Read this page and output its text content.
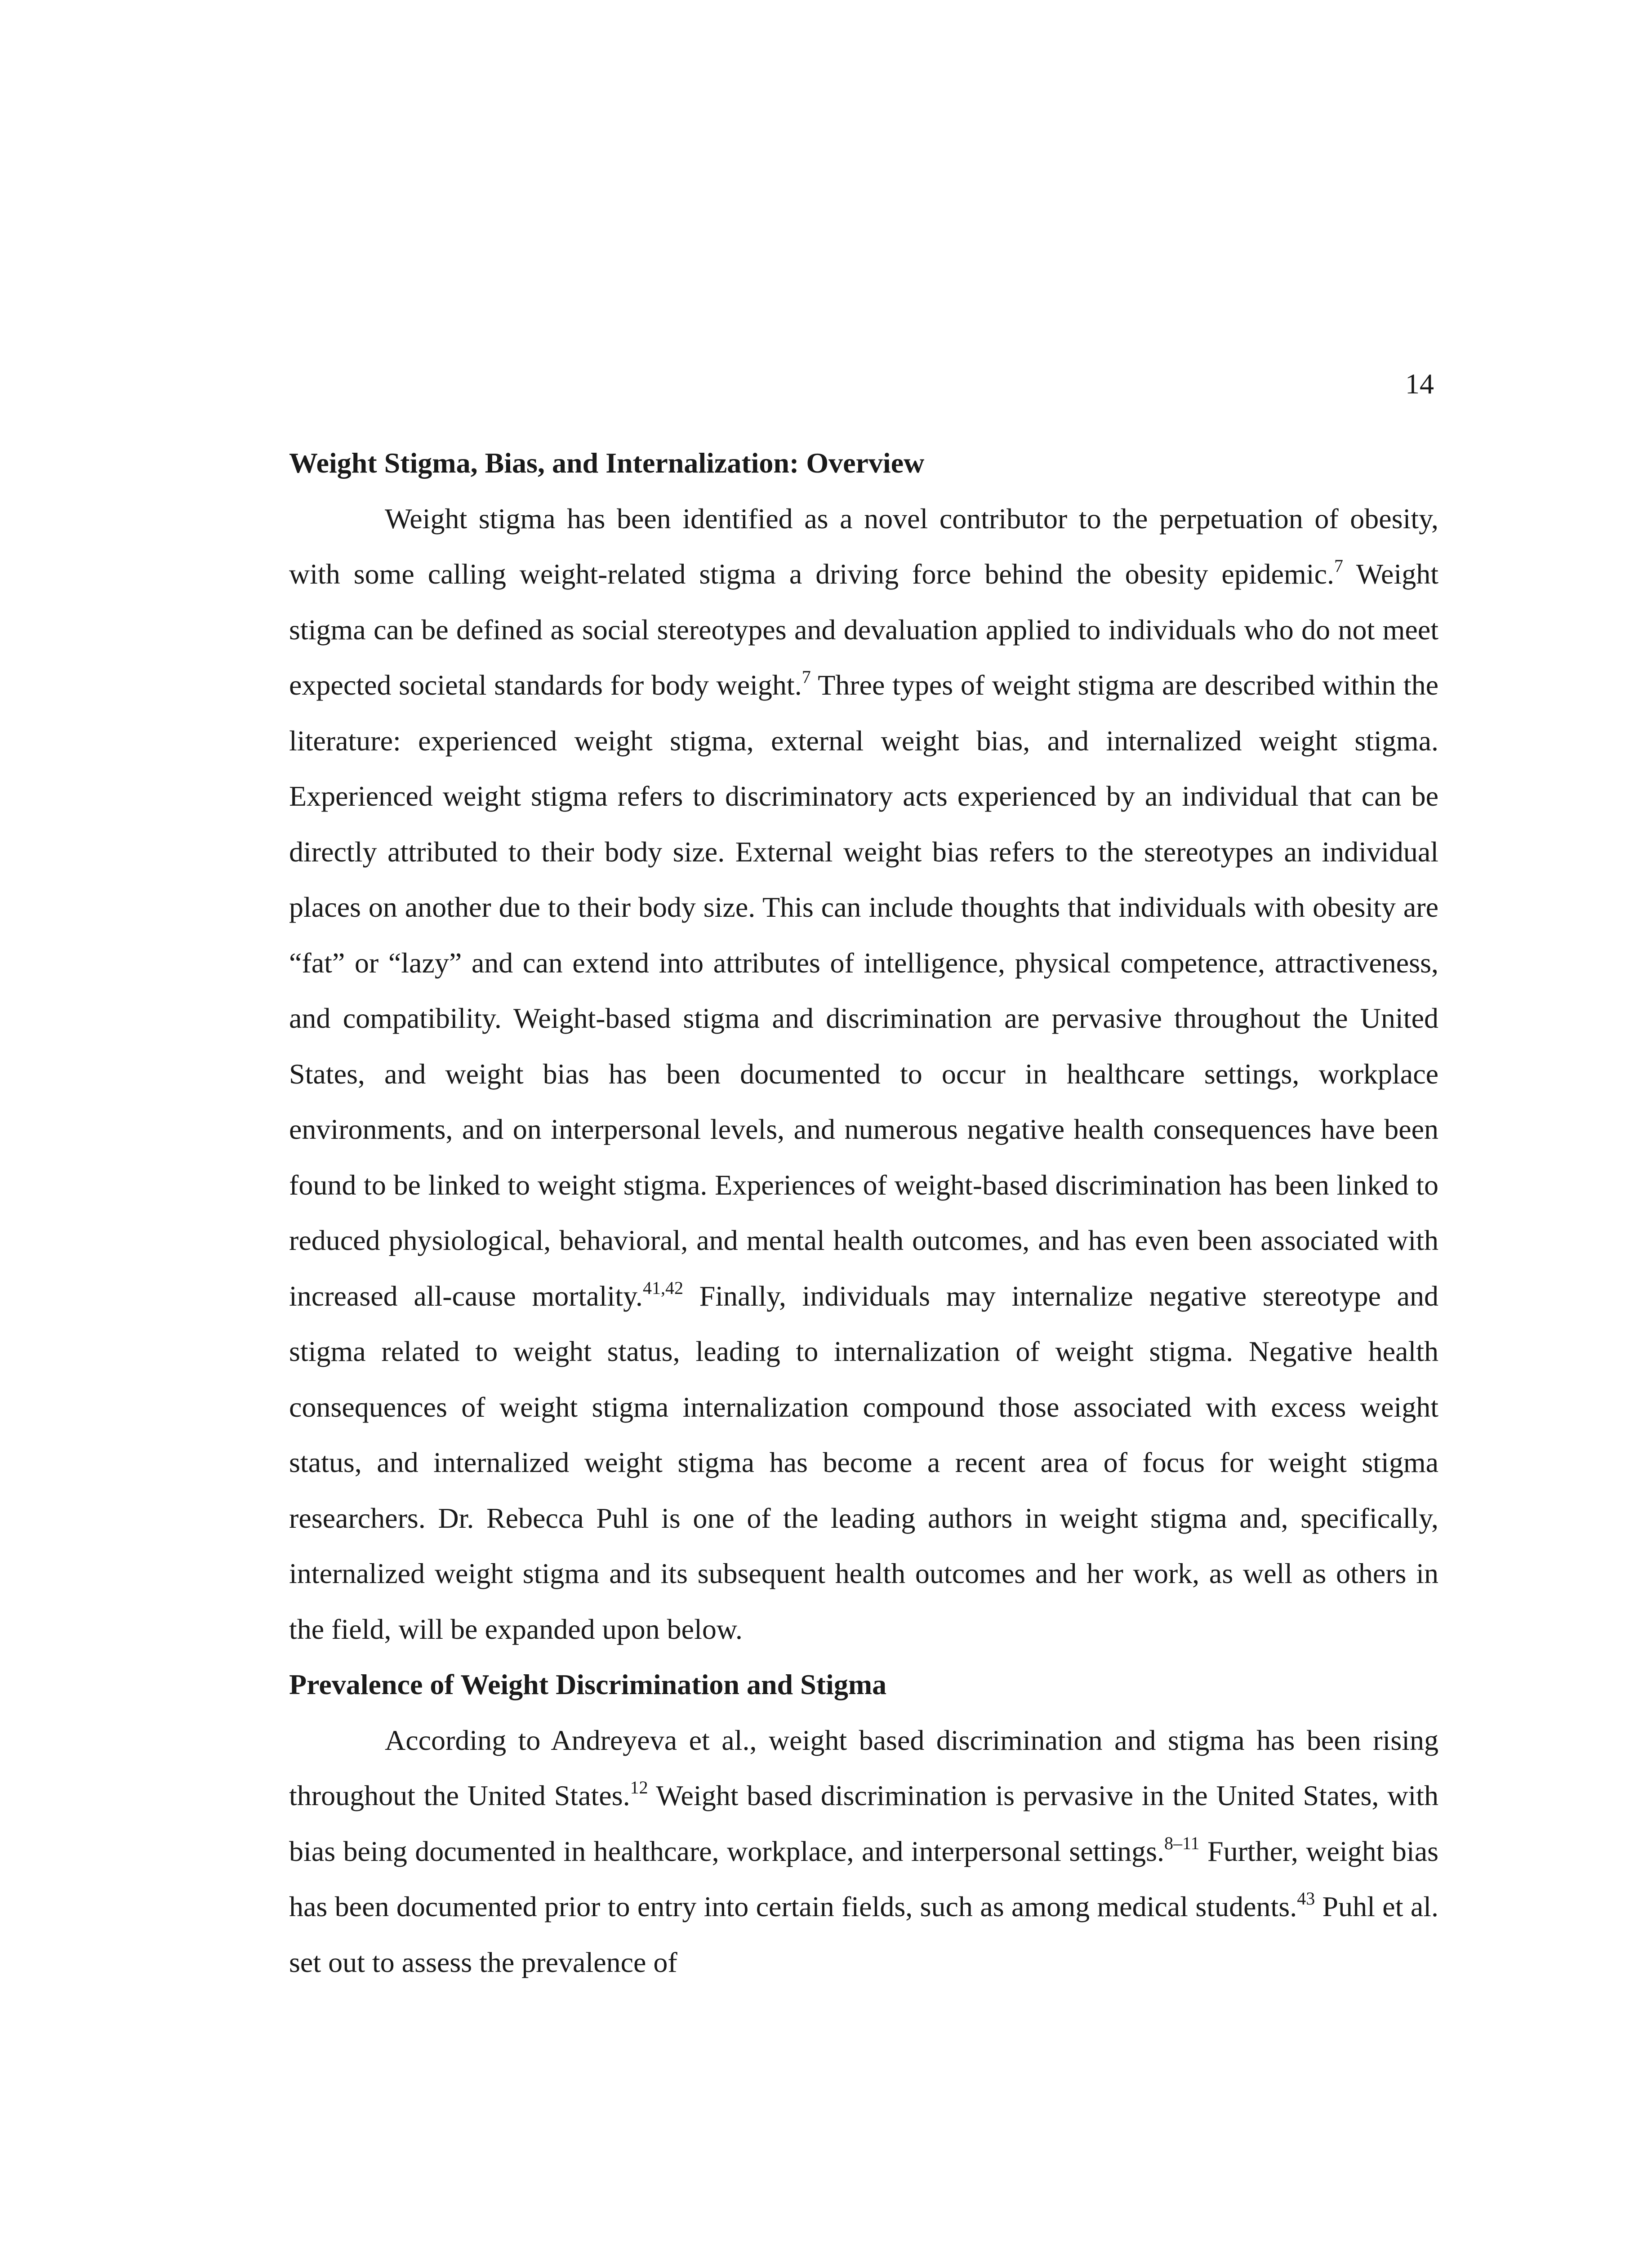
14
Weight Stigma, Bias, and Internalization: Overview

Weight stigma has been identified as a novel contributor to the perpetuation of obesity, with some calling weight-related stigma a driving force behind the obesity epidemic.$^7$ Weight stigma can be defined as social stereotypes and devaluation applied to individuals who do not meet expected societal standards for body weight.$^7$ Three types of weight stigma are described within the literature: experienced weight stigma, external weight bias, and internalized weight stigma. Experienced weight stigma refers to discriminatory acts experienced by an individual that can be directly attributed to their body size. External weight bias refers to the stereotypes an individual places on another due to their body size. This can include thoughts that individuals with obesity are “fat” or “lazy” and can extend into attributes of intelligence, physical competence, attractiveness, and compatibility. Weight-based stigma and discrimination are pervasive throughout the United States, and weight bias has been documented to occur in healthcare settings, workplace environments, and on interpersonal levels, and numerous negative health consequences have been found to be linked to weight stigma. Experiences of weight-based discrimination has been linked to reduced physiological, behavioral, and mental health outcomes, and has even been associated with increased all-cause mortality.$^{41,42}$ Finally, individuals may internalize negative stereotype and stigma related to weight status, leading to internalization of weight stigma. Negative health consequences of weight stigma internalization compound those associated with excess weight status, and internalized weight stigma has become a recent area of focus for weight stigma researchers. Dr. Rebecca Puhl is one of the leading authors in weight stigma and, specifically, internalized weight stigma and its subsequent health outcomes and her work, as well as others in the field, will be expanded upon below.

Prevalence of Weight Discrimination and Stigma

According to Andreyeva et al., weight based discrimination and stigma has been rising throughout the United States.$^{12}$ Weight based discrimination is pervasive in the United States, with bias being documented in healthcare, workplace, and interpersonal settings.$^{8-11}$ Further, weight bias has been documented prior to entry into certain fields, such as among medical students.$^{43}$ Puhl et al. set out to assess the prevalence of
